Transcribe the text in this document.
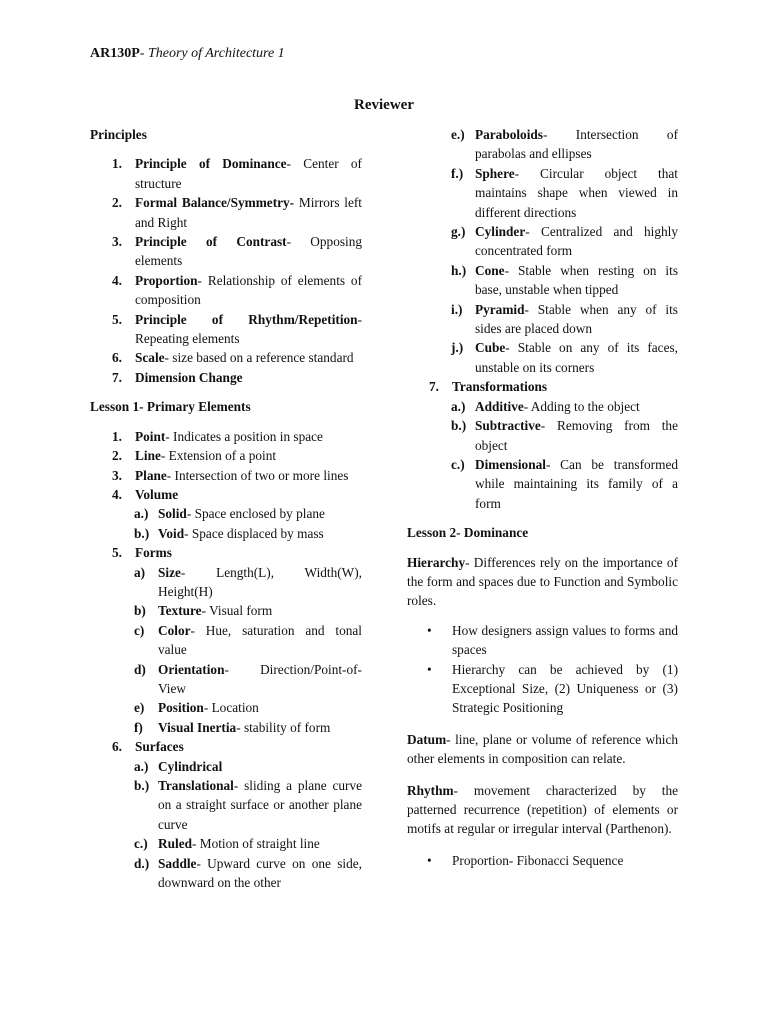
AR130P- Theory of Architecture 1
Reviewer
Principles
1. Principle of Dominance- Center of structure
2. Formal Balance/Symmetry- Mirrors left and Right
3. Principle of Contrast- Opposing elements
4. Proportion- Relationship of elements of composition
5. Principle of Rhythm/Repetition- Repeating elements
6. Scale- size based on a reference standard
7. Dimension Change
Lesson 1- Primary Elements
1. Point- Indicates a position in space
2. Line- Extension of a point
3. Plane- Intersection of two or more lines
4. Volume
a.) Solid- Space enclosed by plane
b.) Void- Space displaced by mass
5. Forms
a) Size- Length(L), Width(W), Height(H)
b) Texture- Visual form
c) Color- Hue, saturation and tonal value
d) Orientation- Direction/Point-of-View
e) Position- Location
f) Visual Inertia- stability of form
6. Surfaces
a.) Cylindrical
b.) Translational- sliding a plane curve on a straight surface or another plane curve
c.) Ruled- Motion of straight line
d.) Saddle- Upward curve on one side, downward on the other
e.) Paraboloids- Intersection of parabolas and ellipses
f.) Sphere- Circular object that maintains shape when viewed in different directions
g.) Cylinder- Centralized and highly concentrated form
h.) Cone- Stable when resting on its base, unstable when tipped
i.) Pyramid- Stable when any of its sides are placed down
j.) Cube- Stable on any of its faces, unstable on its corners
7. Transformations
a.) Additive- Adding to the object
b.) Subtractive- Removing from the object
c.) Dimensional- Can be transformed while maintaining its family of a form
Lesson 2- Dominance
Hierarchy- Differences rely on the importance of the form and spaces due to Function and Symbolic roles.
• How designers assign values to forms and spaces
• Hierarchy can be achieved by (1) Exceptional Size, (2) Uniqueness or (3) Strategic Positioning
Datum- line, plane or volume of reference which other elements in composition can relate.
Rhythm- movement characterized by the patterned recurrence (repetition) of elements or motifs at regular or irregular interval (Parthenon).
• Proportion- Fibonacci Sequence
